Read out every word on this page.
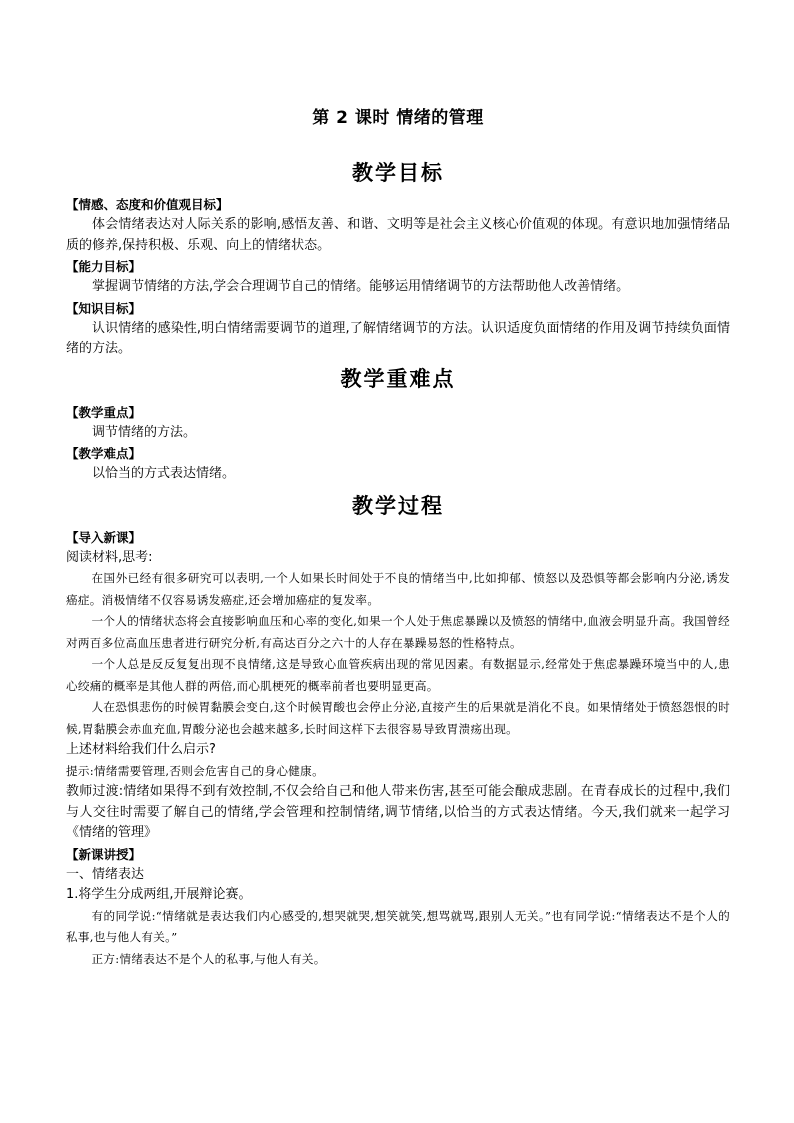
第 2 课时 情绪的管理
教学目标

【情感、态度和价值观目标】

体会情绪表达对人际关系的影响,感悟友善、和谐、文明等是社会主义核心价值观的体现。有意识地加强情绪品质的修养,保持积极、乐观、向上的情绪状态。

【能力目标】

掌握调节情绪的方法,学会合理调节自己的情绪。能够运用情绪调节的方法帮助他人改善情绪。

【知识目标】

认识情绪的感染性,明白情绪需要调节的道理,了解情绪调节的方法。认识适度负面情绪的作用及调节持续负面情绪的方法。

教学重难点

【教学重点】

调节情绪的方法。

【教学难点】

以恰当的方式表达情绪。

教学过程

【导入新课】

阅读材料,思考:

在国外已经有很多研究可以表明,一个人如果长时间处于不良的情绪当中,比如抑郁、愤怒以及恐惧等都会影响内分泌,诱发癌症。消极情绪不仅容易诱发癌症,还会增加癌症的复发率。

一个人的情绪状态将会直接影响血压和心率的变化,如果一个人处于焦虑暴躁以及愤怒的情绪中,血液会明显升高。我国曾经对两百多位高血压患者进行研究分析,有高达百分之六十的人存在暴躁易怒的性格特点。

一个人总是反反复复出现不良情绪,这是导致心血管疾病出现的常见因素。有数据显示,经常处于焦虑暴躁环境当中的人,患心绞痛的概率是其他人群的两倍,而心肌梗死的概率前者也要明显更高。

人在恐惧悲伤的时候胃黏膜会变白,这个时候胃酸也会停止分泌,直接产生的后果就是消化不良。如果情绪处于愤怒怨恨的时候,胃黏膜会赤血充血,胃酸分泌也会越来越多,长时间这样下去很容易导致胃溃疡出现。

上述材料给我们什么启示?

提示:情绪需要管理,否则会危害自己的身心健康。

教师过渡:情绪如果得不到有效控制,不仅会给自己和他人带来伤害,甚至可能会酿成悲剧。在青春成长的过程中,我们与人交往时需要了解自己的情绪,学会管理和控制情绪,调节情绪,以恰当的方式表达情绪。今天,我们就来一起学习《情绪的管理》

【新课讲授】

一、情绪表达

1.将学生分成两组,开展辩论赛。

有的同学说:“情绪就是表达我们内心感受的,想哭就哭,想笑就笑,想骂就骂,跟别人无关。”也有同学说:“情绪表达不是个人的私事,也与他人有关。”

正方:情绪表达不是个人的私事,与他人有关。
